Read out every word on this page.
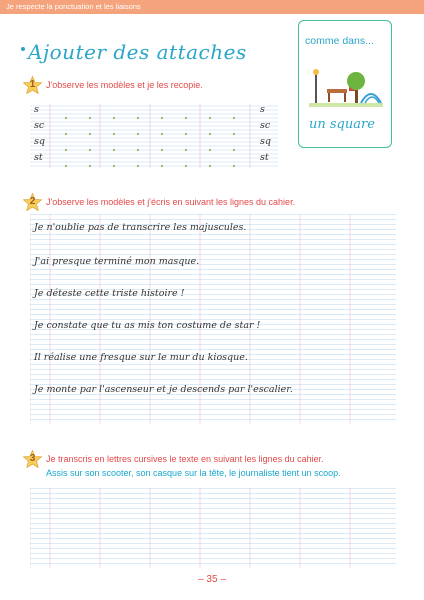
Je respecte la ponctuation et les liaisons
Ajouter des attaches	comme dans...
un square
1	J'observe les modèles et je les recopie.
s
sc
sq
st
s
sc
sq
st
2	J'observe les modèles et j'écris en suivant les lignes du cahier.
Je n'oublie pas de transcrire les majuscules.
J'ai presque terminé mon masque.
Je déteste cette triste histoire !
Je constate que tu as mis ton costume de star !
Il réalise une fresque sur le mur du kiosque.
Je monte par l'ascenseur et je descends par l'escalier.
3	Je transcris en lettres cursives le texte en suivant les lignes du cahier.
Assis sur son scooter, son casque sur la tête, le journaliste tient un scoop.
– 35 –
